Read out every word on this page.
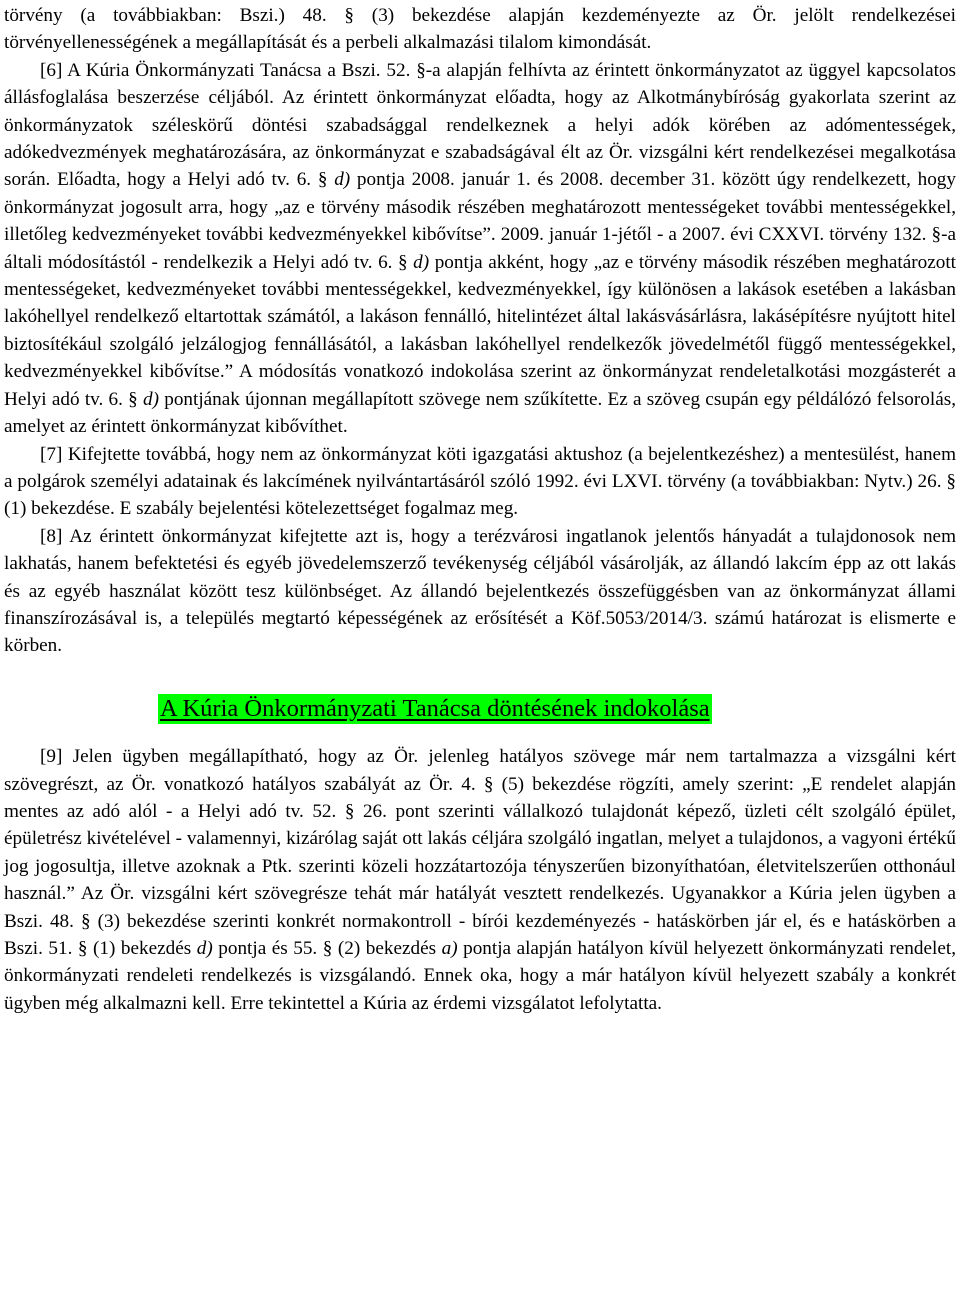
törvény (a továbbiakban: Bszi.) 48. § (3) bekezdése alapján kezdeményezte az Ör. jelölt rendelkezései törvényellenességének a megállapítását és a perbeli alkalmazási tilalom kimondását.

[6] A Kúria Önkormányzati Tanácsa a Bszi. 52. §-a alapján felhívta az érintett önkormányzatot az üggyel kapcsolatos állásfoglalása beszerzése céljából. Az érintett önkormányzat előadta, hogy az Alkotmánybíróság gyakorlata szerint az önkormányzatok széleskörű döntési szabadsággal rendelkeznek a helyi adók körében az adómentességek, adókedvezmények meghatározására, az önkormányzat e szabadságával élt az Ör. vizsgálni kért rendelkezései megalkotása során. Előadta, hogy a Helyi adó tv. 6. § d) pontja 2008. január 1. és 2008. december 31. között úgy rendelkezett, hogy önkormányzat jogosult arra, hogy „az e törvény második részében meghatározott mentességeket további mentességekkel, illetőleg kedvezményeket további kedvezményekkel kibővítse”. 2009. január 1-jétől - a 2007. évi CXXVI. törvény 132. §-a általi módosítástól - rendelkezik a Helyi adó tv. 6. § d) pontja akként, hogy „az e törvény második részében meghatározott mentességeket, kedvezményeket további mentességekkel, kedvezményekkel, így különösen a lakások esetében a lakásban lakóhellyel rendelkező eltartottak számától, a lakáson fennálló, hitelintézet által lakásvásárlásra, lakásépítésre nyújtott hitel biztosítékául szolgáló jelzálogjog fennállásától, a lakásban lakóhellyel rendelkezők jövedelmétől függő mentességekkel, kedvezményekkel kibővítse.” A módosítás vonatkozó indokolása szerint az önkormányzat rendeletalkotási mozgásterét a Helyi adó tv. 6. § d) pontjának újonnan megállapított szövege nem szűkítette. Ez a szöveg csupán egy példálózó felsorolás, amelyet az érintett önkormányzat kibővíthet.

[7] Kifejtette továbbá, hogy nem az önkormányzat köti igazgatási aktushoz (a bejelentkezéshez) a mentesülést, hanem a polgárok személyi adatainak és lakcímének nyilvántartásáról szóló 1992. évi LXVI. törvény (a továbbiakban: Nytv.) 26. § (1) bekezdése. E szabály bejelentési kötelezettséget fogalmaz meg.

[8] Az érintett önkormányzat kifejtette azt is, hogy a terézvárosi ingatlanok jelentős hányadát a tulajdonosok nem lakhatás, hanem befektetési és egyéb jövedelemszerző tevékenység céljából vásárolják, az állandó lakcím épp az ott lakás és az egyéb használat között tesz különbséget. Az állandó bejelentkezés összefüggésben van az önkormányzat állami finanszírozásával is, a település megtartó képességének az erősítését a Köf.5053/2014/3. számú határozat is elismerte e körben.

A Kúria Önkormányzati Tanácsa döntésének indokolása

[9] Jelen ügyben megállapítható, hogy az Ör. jelenleg hatályos szövege már nem tartalmazza a vizsgálni kért szövegrészt, az Ör. vonatkozó hatályos szabályát az Ör. 4. § (5) bekezdése rögzíti, amely szerint: „E rendelet alapján mentes az adó alól - a Helyi adó tv. 52. § 26. pont szerinti vállalkozó tulajdonát képező, üzleti célt szolgáló épület, épületrész kivételével - valamennyi, kizárólag saját ott lakás céljára szolgáló ingatlan, melyet a tulajdonos, a vagyoni értékű jog jogosultja, illetve azoknak a Ptk. szerinti közeli hozzátartozója tényszerűen bizonyíthatóan, életvitelszerűen otthonául használ.” Az Ör. vizsgálni kért szövegrésze tehát már hatályát vesztett rendelkezés. Ugyanakkor a Kúria jelen ügyben a Bszi. 48. § (3) bekezdése szerinti konkrét normakontroll - bírói kezdeményezés - hatáskörben jár el, és e hatáskörben a Bszi. 51. § (1) bekezdés d) pontja és 55. § (2) bekezdés a) pontja alapján hatályon kívül helyezett önkormányzati rendelet, önkormányzati rendeleti rendelkezés is vizsgálandó. Ennek oka, hogy a már hatályon kívül helyezett szabály a konkrét ügyben még alkalmazni kell. Erre tekintettel a Kúria az érdemi vizsgálatot lefolytatta.
